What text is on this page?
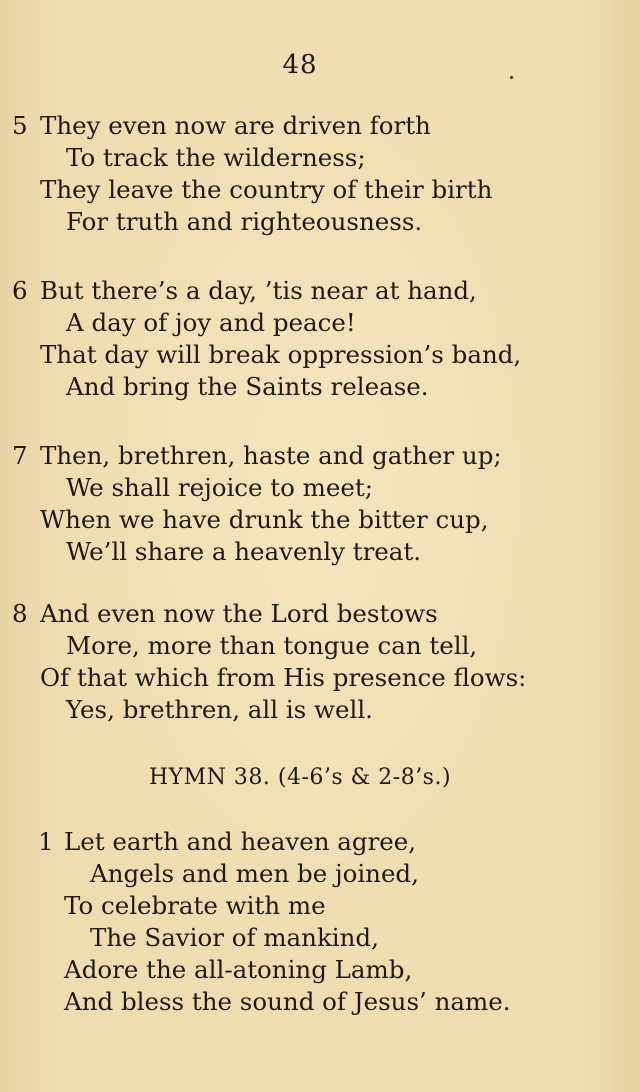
48
5 They even now are driven forth
To track the wilderness;
They leave the country of their birth
For truth and righteousness.
6 But there’s a day, ’tis near at hand,
A day of joy and peace!
That day will break oppression’s band,
And bring the Saints release.
7 Then, brethren, haste and gather up;
We shall rejoice to meet;
When we have drunk the bitter cup,
We’ll share a heavenly treat.
8 And even now the Lord bestows
More, more than tongue can tell,
Of that which from His presence flows:
Yes, brethren, all is well.
HYMN 38. (4-6’s & 2-8’s.)
1 Let earth and heaven agree,
Angels and men be joined,
To celebrate with me
The Savior of mankind,
Adore the all-atoning Lamb,
And bless the sound of Jesus’ name.
